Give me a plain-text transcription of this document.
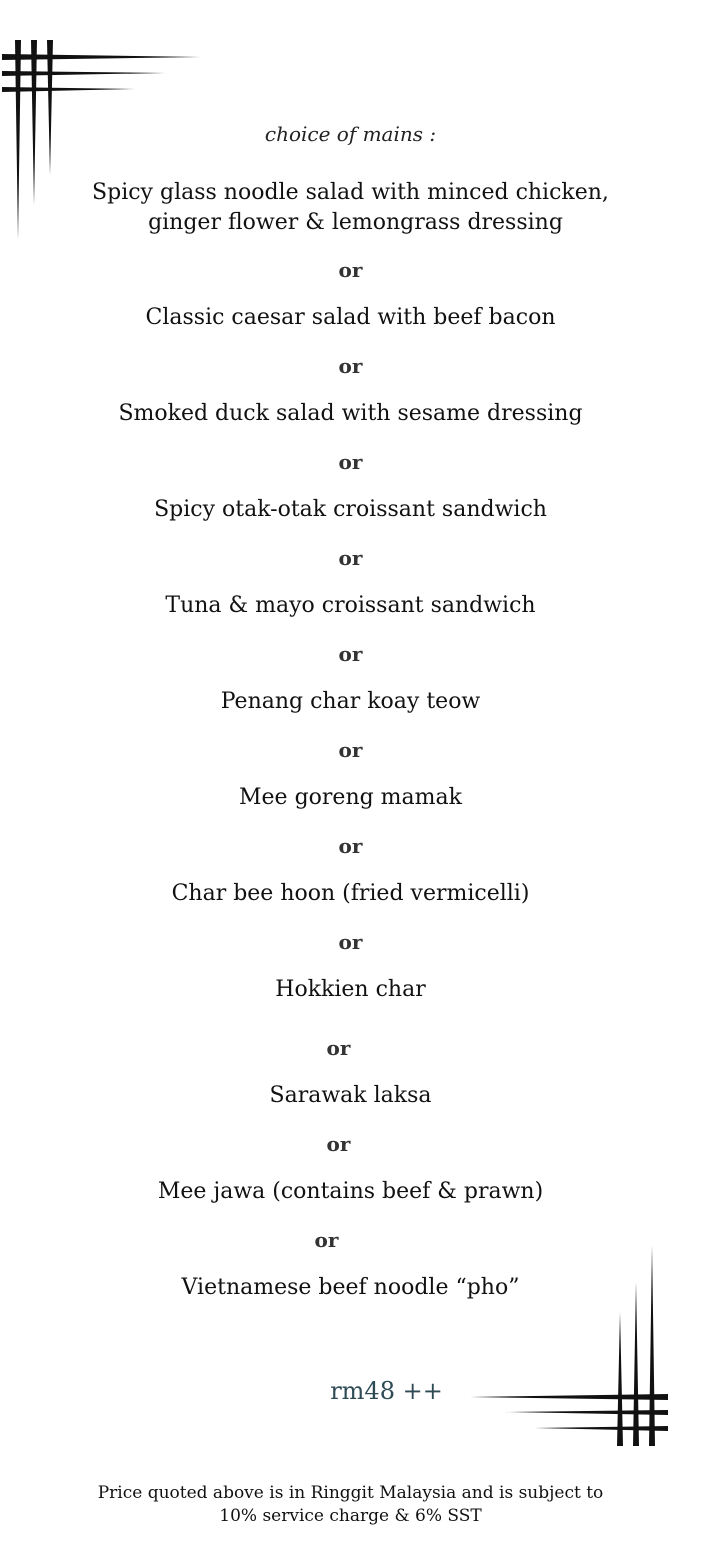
choice of mains :
Spicy glass noodle salad with minced chicken,
ginger flower & lemongrass dressing
or
Classic caesar salad with beef bacon
or
Smoked duck salad with sesame dressing
or
Spicy otak-otak croissant sandwich
or
Tuna & mayo croissant sandwich
or
Penang char koay teow
or
Mee goreng mamak
or
Char bee hoon (fried vermicelli)
or
Hokkien char
or
Sarawak laksa
or
Mee jawa (contains beef & prawn)
or
Vietnamese beef noodle “pho”
rm48 ++
Price quoted above is in Ringgit Malaysia and is subject to
10% service charge & 6% SST
